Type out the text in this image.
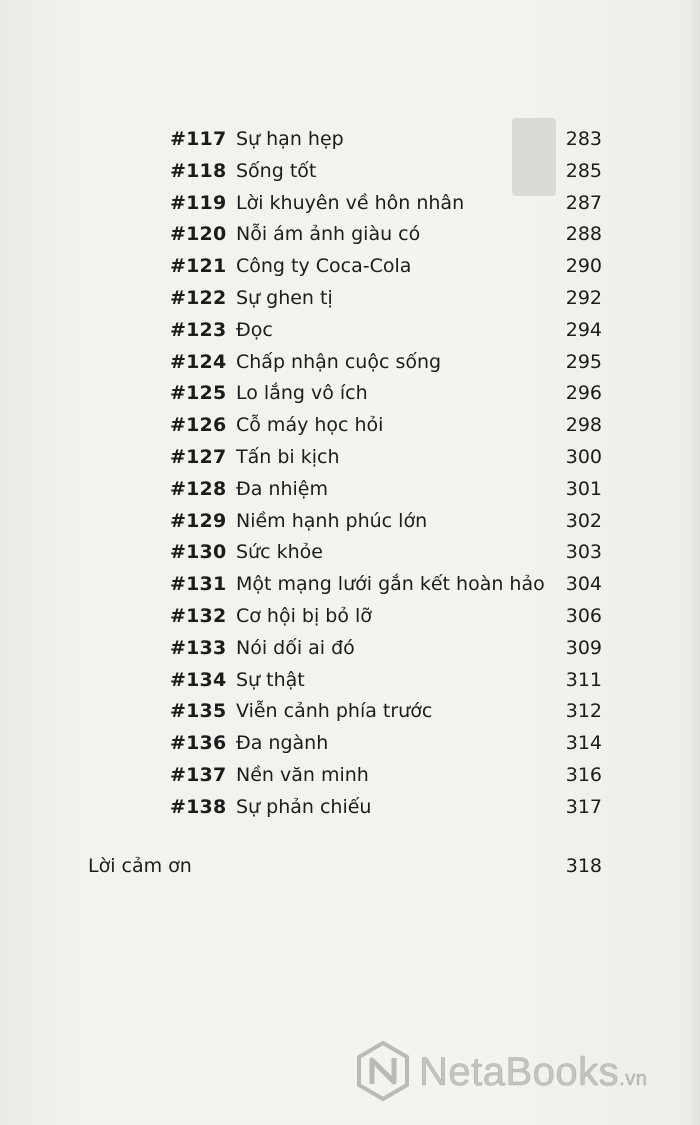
#117 Sự hạn hẹp	283
#118 Sống tốt	285
#119 Lời khuyên về hôn nhân	287
#120 Nỗi ám ảnh giàu có	288
#121 Công ty Coca-Cola	290
#122 Sự ghen tị	292
#123 Đọc	294
#124 Chấp nhận cuộc sống	295
#125 Lo lắng vô ích	296
#126 Cỗ máy học hỏi	298
#127 Tấn bi kịch	300
#128 Đa nhiệm	301
#129 Niềm hạnh phúc lớn	302
#130 Sức khỏe	303
#131 Một mạng lưới gắn kết hoàn hảo 304
#132 Cơ hội bị bỏ lỡ	306
#133 Nói dối ai đó	309
#134 Sự thật	311
#135 Viễn cảnh phía trước	312
#136 Đa ngành	314
#137 Nền văn minh	316
#138 Sự phản chiếu	317
Lời cảm ơn	318
NetaBooks.vn
